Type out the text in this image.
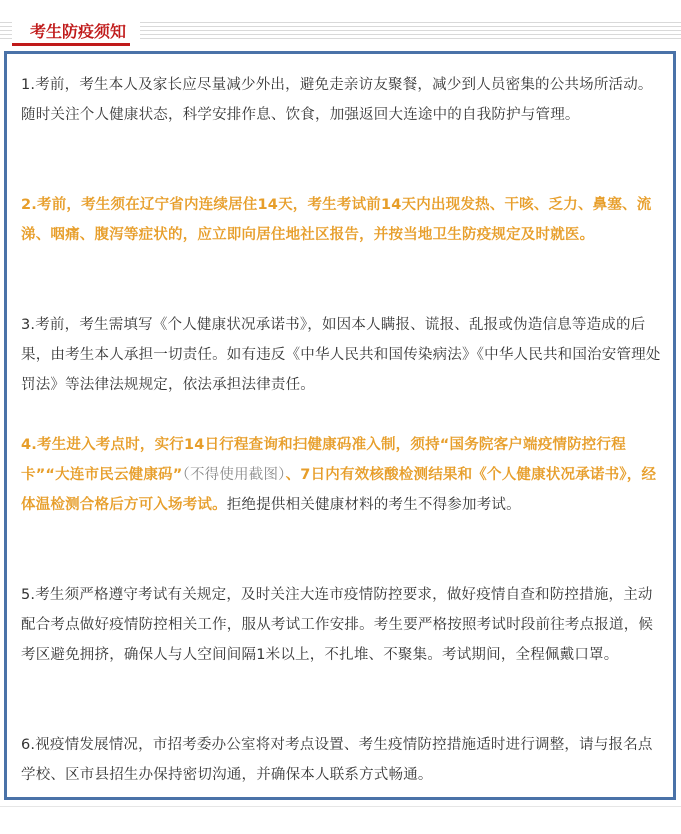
考生防疫须知

1.考前，考生本人及家长应尽量减少外出，避免走亲访友聚餐，减少到人员密集的公共场所活动。随时关注个人健康状态，科学安排作息、饮食，加强返回大连途中的自我防护与管理。

2.考前，考生须在辽宁省内连续居住14天，考生考试前14天内出现发热、干咳、乏力、鼻塞、流涕、咽痛、腹泻等症状的，应立即向居住地社区报告，并按当地卫生防疫规定及时就医。

3.考前，考生需填写《个人健康状况承诺书》，如因本人瞒报、谎报、乱报或伪造信息等造成的后果，由考生本人承担一切责任。如有违反《中华人民共和国传染病法》《中华人民共和国治安管理处罚法》等法律法规规定，依法承担法律责任。

4.考生进入考点时，实行14日行程查询和扫健康码准入制，须持“国务院客户端疫情防控行程卡”“大连市民云健康码”（不得使用截图）、7日内有效核酸检测结果和《个人健康状况承诺书》，经体温检测合格后方可入场考试。拒绝提供相关健康材料的考生不得参加考试。

5.考生须严格遵守考试有关规定，及时关注大连市疫情防控要求，做好疫情自查和防控措施，主动配合考点做好疫情防控相关工作，服从考试工作安排。考生要严格按照考试时段前往考点报道，候考区避免拥挤，确保人与人空间间隔1米以上，不扎堆、不聚集。考试期间，全程佩戴口罩。

6.视疫情发展情况，市招考委办公室将对考点设置、考生疫情防控措施适时进行调整，请与报名点学校、区市县招生办保持密切沟通，并确保本人联系方式畅通。
